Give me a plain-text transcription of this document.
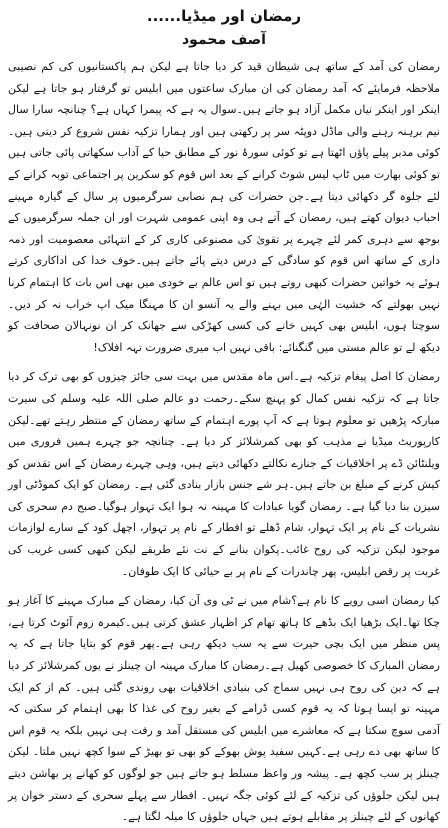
رمضان اور میڈیا......
آصف محمود

رمضان کی آمد کے ساتھ ہی شیطان قید کر دیا جاتا ہے لیکن ہم پاکستانیوں کی کم نصیبی ملاحظہ فرمایئے کہ آمد رمضان کی ان مبارک ساعتوں میں ابلیس تو گرفتار ہو جاتا ہے لیکن اینکر اور اینکر نیاں مکمل آزاد ہو جاتے ہیں۔سوال یہ ہے کہ پیمرا کہاں ہے؟ چنانچہ سارا سال نیم برہنہ رہنے والی ماڈل دوپٹہ سر پر رکھتی ہیں اور ہمارا تزکیہ نفس شروع کر دیتی ہیں۔ کوئی مدبر پیلے پاؤں اٹھتا ہے تو کوئی سورۂ نور کے مطابق حیا کے آداب سکھاتی پائی جاتی ہیں تو کوئی بھارت میں ٹاپ لیس شوٹ کرانے کے بعد اس قوم کو سکرین پر اجتماعی توبہ کرانے کے لئے جلوہ گر دکھائی دیتا ہے۔جن حضرات کی ہم نصابی سرگرمیوں پر سال کے گیارہ مہینے احباب دیوان کھتے ہیں، رمضان کے آتے ہی وہ اپنی عمومی شہرت اور ان جملہ سرگرمیوں کے بوجھ سے دہری کمر لئے چہرے پر تقویٰ کی مصنوعی کاری کر کے انتہائی معصومیت اور ذمہ داری کے ساتھ اس قوم کو سادگی کے درس دیتے پائے جاتے ہیں۔خوف خدا کی اداکاری کرتے ہوئے یہ خواتین حضرات کبھی روتے ہیں تو اس عالم بے خودی میں بھی اس بات کا اہتمام کرنا نہیں بھولتے کہ خشیت الہٰی میں بہنے والے یہ آنسو ان کا مہنگا میک اپ خراب نہ کر دیں۔سوچتا ہوں، ابلیس بھی کہیں خانے کی کسی کھڑکی سے جھانک کر ان نونہالان صحافت کو دیکھ لے تو عالم مستی میں گنگنائے: باقی نہیں اب میری ضرورت تہہ افلاک!

رمضان کا اصل پیغام تزکیہ ہے۔اس ماہ مقدس میں بہت سی جائز چیزوں کو بھی ترک کر دیا جاتا ہے کہ تزکیہ نفس کمال کو پہنچ سکے۔رحمت دو عالم صلی اللہ علیہ وسلم کی سیرت مبارکہ پڑھیں تو معلوم ہوتا ہے کہ آپ پورے اہتمام کے ساتھ رمضان کے منتظر رہتے تھے۔لیکن کارپوریٹ میڈیا نے مذہب کو بھی کمرشلائز کر دیا ہے۔ چنانچہ جو چہرے ہمیں فروری میں ویلنٹائن ڈے پر اخلاقیات کے جنازے نکالتے دکھائی دیتے ہیں، وہی چہرے رمضان کے اس تقدس کو کیش کرنے کے مبلغ بن جاتے ہیں۔ہر شے جنس بازار بنادی گئی ہے۔ رمضان کو ایک کموڈٹی اور سیزن بنا دیا گیا ہے۔ رمضان گویا عبادات کا مہینہ نہ ہوا ایک تہوار ہوگیا۔صبح دم سحری کی نشریات کے نام پر ایک تہوار، شام ڈھلے تو افطار کے نام پر تہوار، اچھل کود کے سارے لوازمات موجود لیکن تزکیہ کی روح غائب۔پکوان بنانے کے نت نئے طریقے لیکن کبھی کسی غریب کی غربت پر رقص ابلیس، پھر چاندرات کے نام پر بے حیائی کا ایک طوفان۔

کیا رمضان اسی رویے کا نام ہے؟شام میں نے ٹی وی آن کیا، رمضان کے مبارک مہینے کا آغاز ہو چکا تھا۔ایک بڑھیا ایک بڈھے کا ہاتھ تھام کر اظہار عشق کرتی ہیں۔کیمرہ زوم آئوٹ کرتا ہے، پس منظر میں ایک بچی حیرت سے یہ سب دیکھ رہی ہے۔پھر قوم کو بتایا جاتا ہے کہ یہ رمضان المبارک کا خصوصی کھیل ہے۔رمضان کا مبارک مہینہ ان چینلز نے یوں کمرشلائز کر دیا ہے کہ دین کی روح ہی نہیں سماج کی بنیادی اخلاقیات بھی روندی گئی ہیں۔ کم از کم ایک مہینہ تو ایسا ہوتا کہ یہ قوم کسی ڈرامے کے بغیر روح کی غذا کا بھی اہتمام کر سکتی کہ آدمی سوچ سکتا ہے کہ معاشرے میں ابلیس کی مستقل آمد و رفت ہی نہیں بلکہ یہ قوم اس کا ساتھ بھی دے رہی ہے۔کہیں سفید پوش بھوکے کو بھی تو بھیڑ کے سوا کچھ نہیں ملتا۔ لیکن چینلز پر سب کچھ ہے۔ پیشہ ور واعظ مسلط ہو جاتے ہیں جو لوگوں کو کھانے پر بھاشن دیتے ہیں لیکن جلوؤں کی تزکیہ کے لئے کوئی جگہ نہیں۔ افطار سے پہلے سحری کے دستر خوان پر کھانوں کے لئے چینلز پر مقابلے ہوتے ہیں جہاں جلوؤں کا میلہ لگتا ہے۔
